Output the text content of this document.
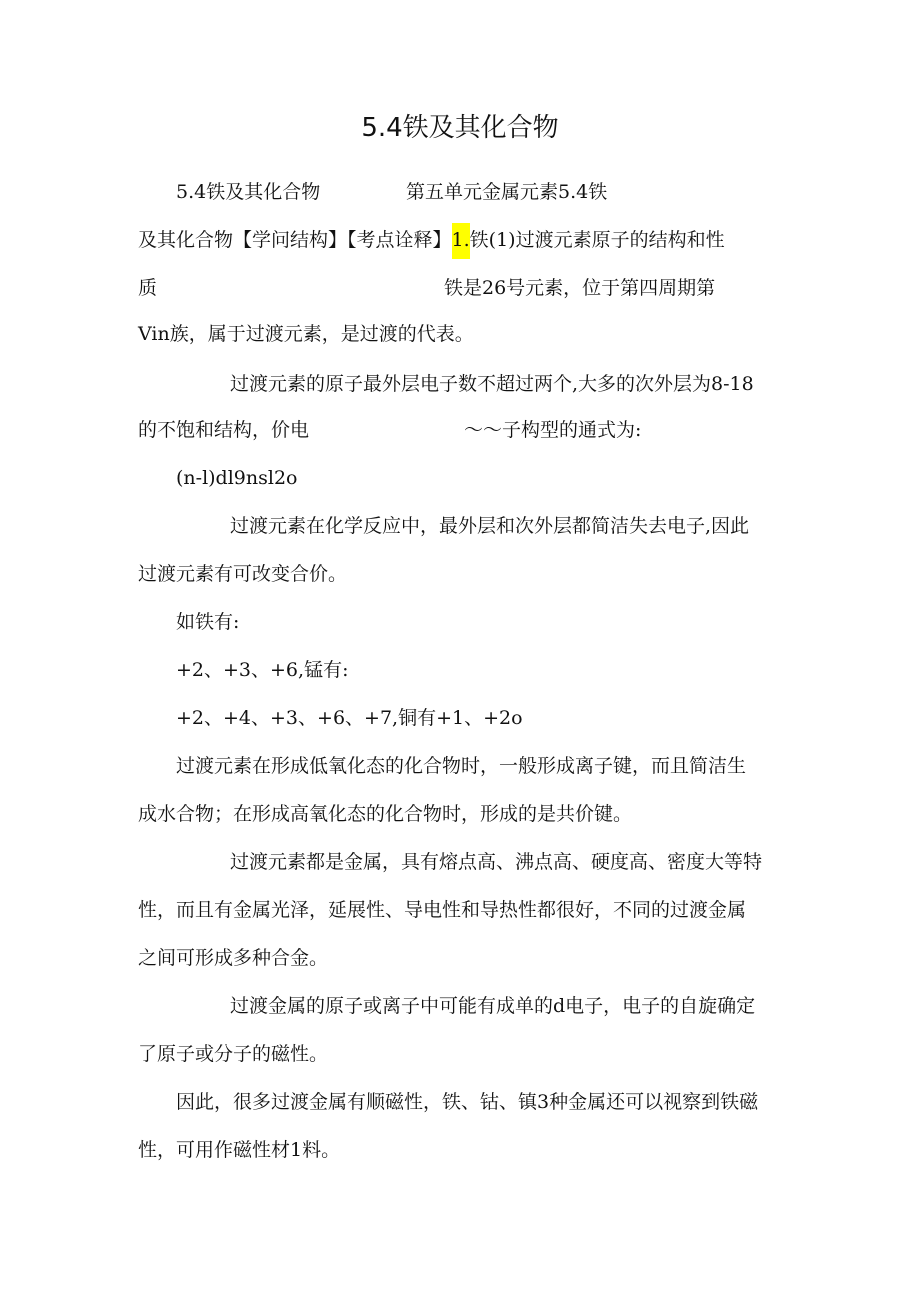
5.4铁及其化合物
5.4铁及其化合物	第五单元金属元素5.4铁
及其化合物【学问结构】【考点诠释】1.铁(1)过渡元素原子的结构和性
质	铁是26号元素，位于第四周期第
Vin族，属于过渡元素，是过渡的代表。
过渡元素的原子最外层电子数不超过两个,大多的次外层为8-18
的不饱和结构，价电	～～子构型的通式为:
(n-l)dl9nsl2o
过渡元素在化学反应中，最外层和次外层都简洁失去电子,因此
过渡元素有可改变合价。
如铁有:
+2、+3、+6,锰有:
+2、+4、+3、+6、+7,铜有+1、+2o
过渡元素在形成低氧化态的化合物时，一般形成离子键，而且简洁生
成水合物；在形成高氧化态的化合物时，形成的是共价键。
过渡元素都是金属，具有熔点高、沸点高、硬度高、密度大等特
性，而且有金属光泽，延展性、导电性和导热性都很好，不同的过渡金属
之间可形成多种合金。
过渡金属的原子或离子中可能有成单的d电子，电子的自旋确定
了原子或分子的磁性。
因此，很多过渡金属有顺磁性，铁、钴、镇3种金属还可以视察到铁磁
性，可用作磁性材1料。
